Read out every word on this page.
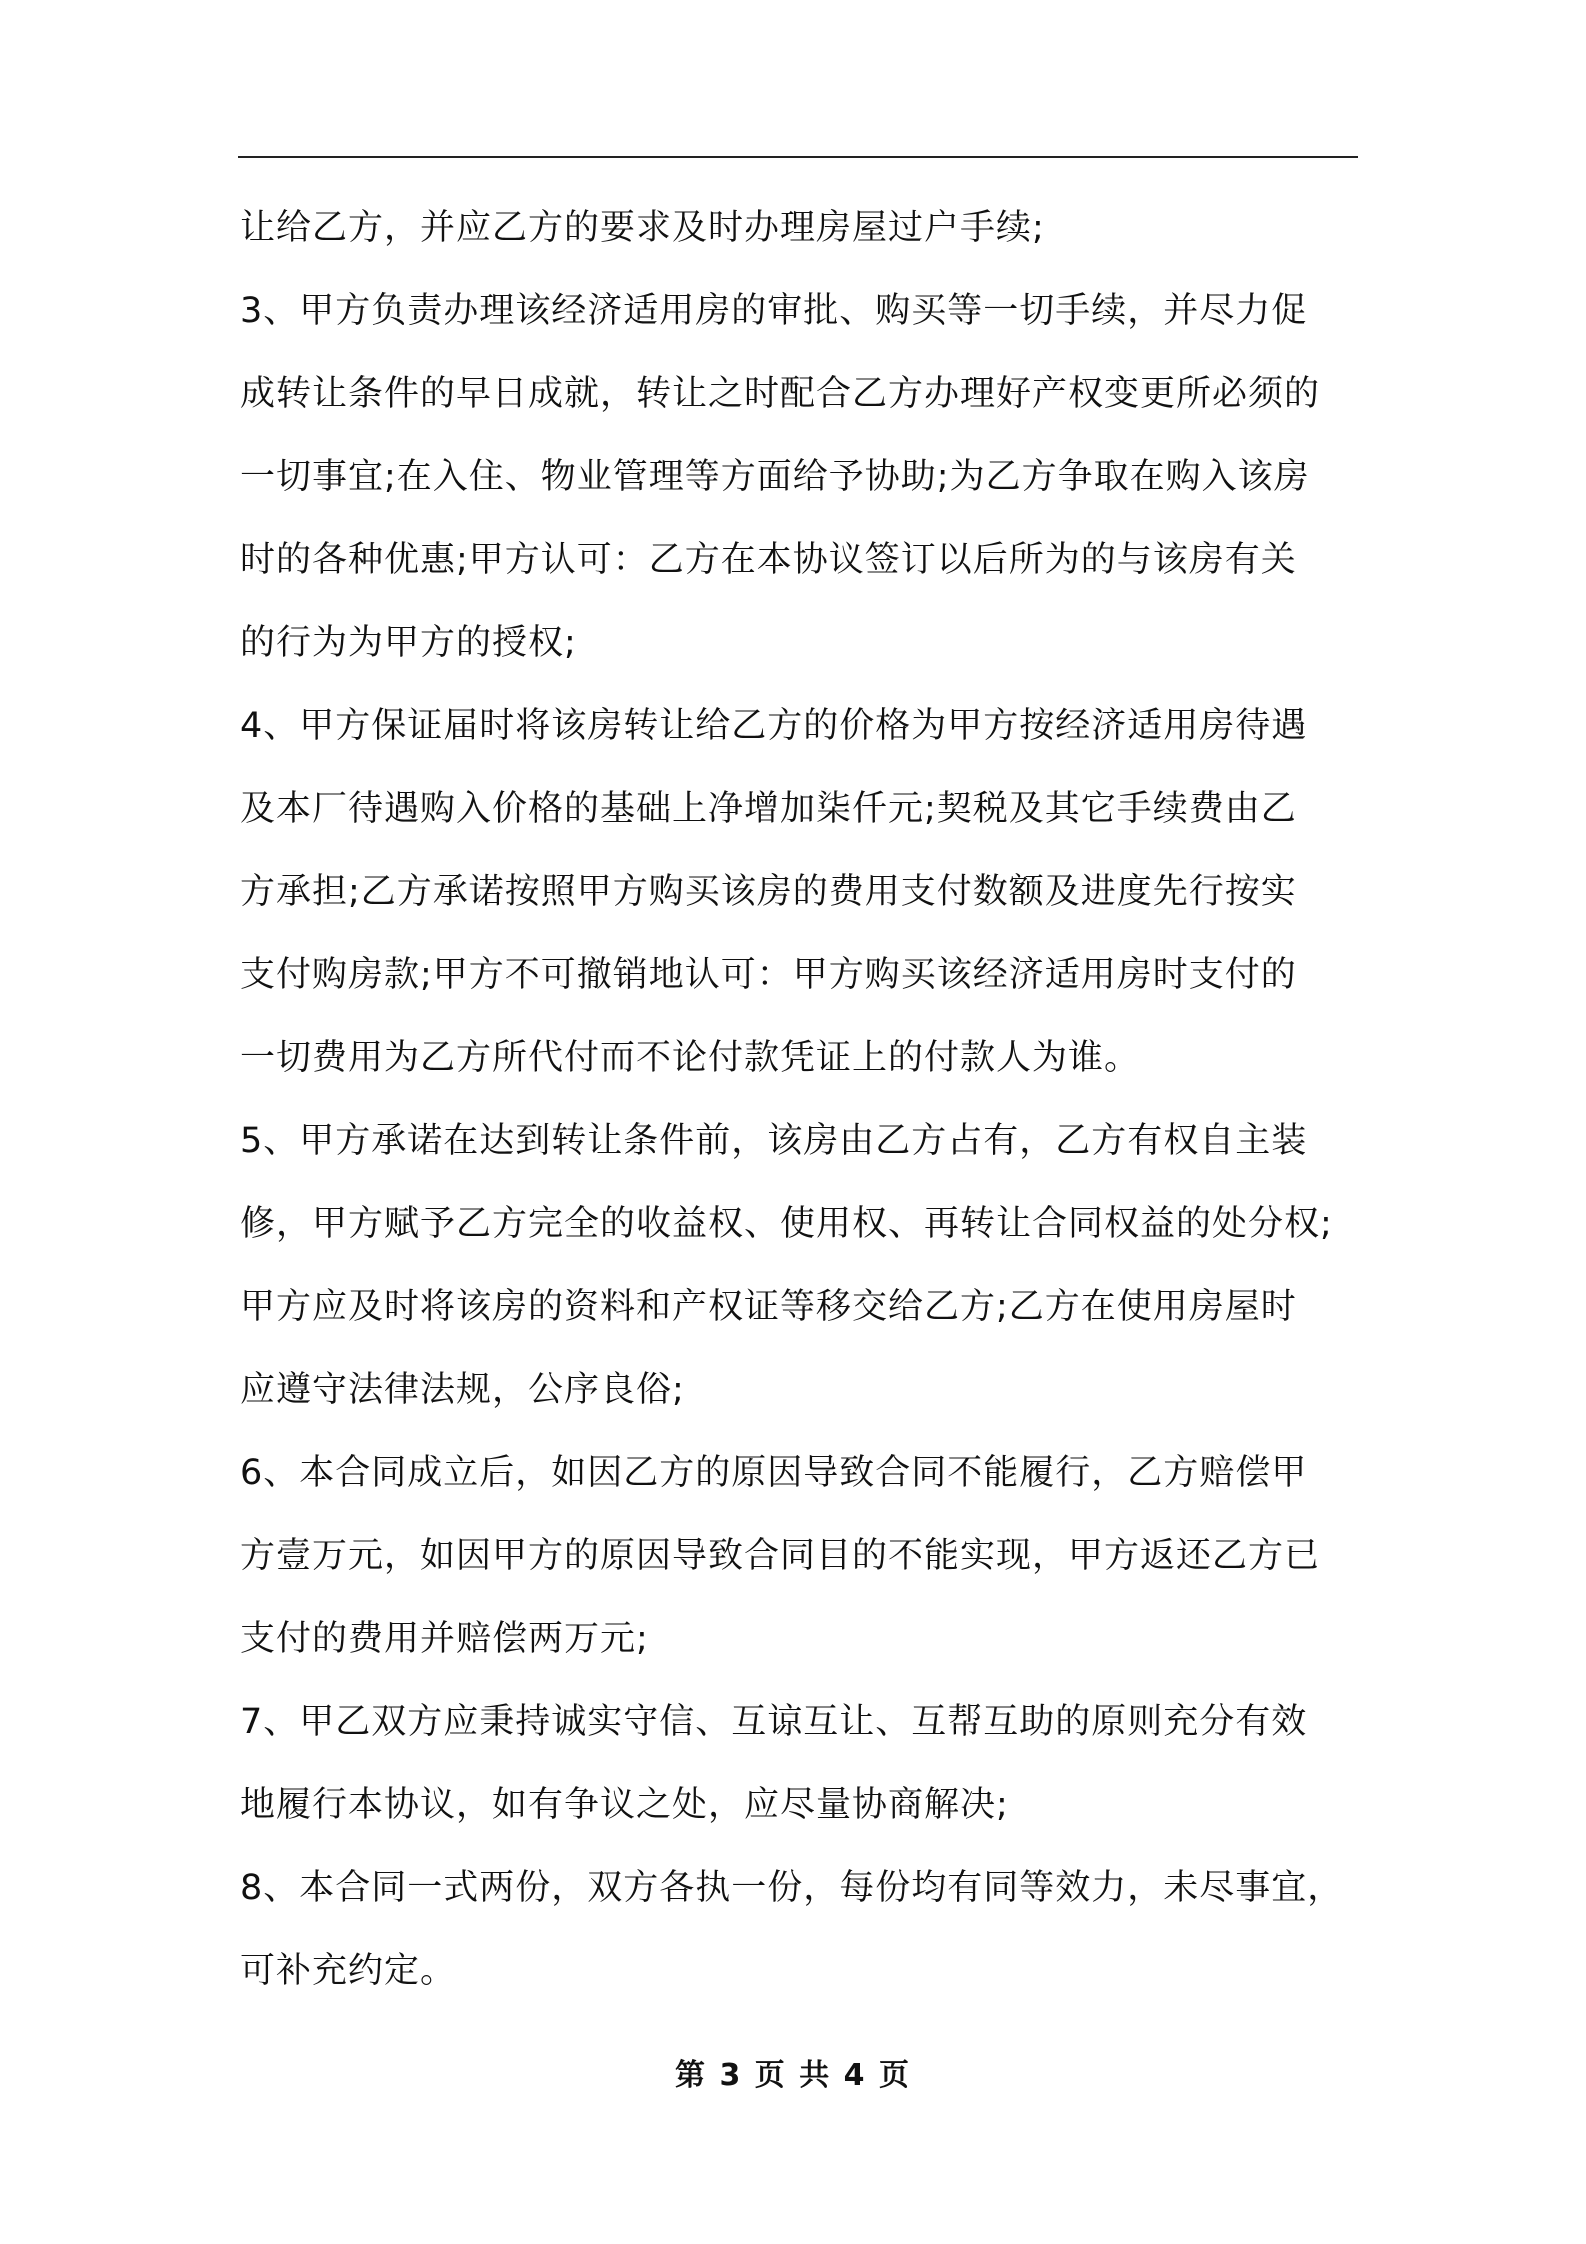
让给乙方，并应乙方的要求及时办理房屋过户手续;
3、甲方负责办理该经济适用房的审批、购买等一切手续，并尽力促
成转让条件的早日成就，转让之时配合乙方办理好产权变更所必须的
一切事宜;在入住、物业管理等方面给予协助;为乙方争取在购入该房
时的各种优惠;甲方认可：乙方在本协议签订以后所为的与该房有关
的行为为甲方的授权;
4、甲方保证届时将该房转让给乙方的价格为甲方按经济适用房待遇
及本厂待遇购入价格的基础上净增加柒仟元;契税及其它手续费由乙
方承担;乙方承诺按照甲方购买该房的费用支付数额及进度先行按实
支付购房款;甲方不可撤销地认可：甲方购买该经济适用房时支付的
一切费用为乙方所代付而不论付款凭证上的付款人为谁。
5、甲方承诺在达到转让条件前，该房由乙方占有，乙方有权自主装
修，甲方赋予乙方完全的收益权、使用权、再转让合同权益的处分权;
甲方应及时将该房的资料和产权证等移交给乙方;乙方在使用房屋时
应遵守法律法规，公序良俗;
6、本合同成立后，如因乙方的原因导致合同不能履行，乙方赔偿甲
方壹万元，如因甲方的原因导致合同目的不能实现，甲方返还乙方已
支付的费用并赔偿两万元;
7、甲乙双方应秉持诚实守信、互谅互让、互帮互助的原则充分有效
地履行本协议，如有争议之处，应尽量协商解决;
8、本合同一式两份，双方各执一份，每份均有同等效力，未尽事宜，
可补充约定。
第 3 页 共 4 页
